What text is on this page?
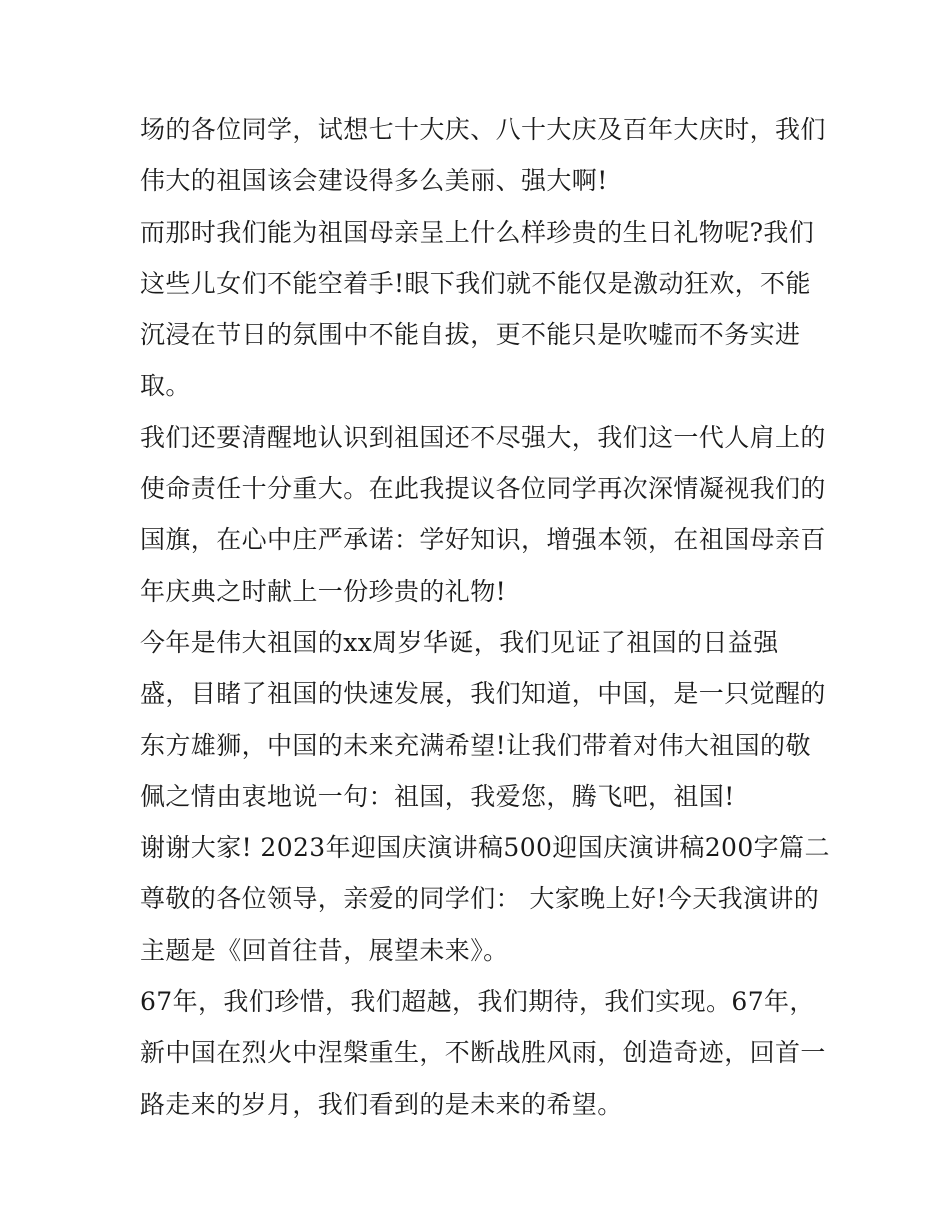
场的各位同学，试想七十大庆、八十大庆及百年大庆时，我们
伟大的祖国该会建设得多么美丽、强大啊!
而那时我们能为祖国母亲呈上什么样珍贵的生日礼物呢?我们
这些儿女们不能空着手!眼下我们就不能仅是激动狂欢，不能
沉浸在节日的氛围中不能自拔，更不能只是吹嘘而不务实进
取。
我们还要清醒地认识到祖国还不尽强大，我们这一代人肩上的
使命责任十分重大。在此我提议各位同学再次深情凝视我们的
国旗，在心中庄严承诺：学好知识，增强本领，在祖国母亲百
年庆典之时献上一份珍贵的礼物!
今年是伟大祖国的xx周岁华诞，我们见证了祖国的日益强
盛，目睹了祖国的快速发展，我们知道，中国，是一只觉醒的
东方雄狮，中国的未来充满希望!让我们带着对伟大祖国的敬
佩之情由衷地说一句：祖国，我爱您，腾飞吧，祖国!
谢谢大家! 2023年迎国庆演讲稿500迎国庆演讲稿200字篇二
尊敬的各位领导，亲爱的同学们： 大家晚上好!今天我演讲的
主题是《回首往昔，展望未来》。
67年，我们珍惜，我们超越，我们期待，我们实现。67年，
新中国在烈火中涅槃重生，不断战胜风雨，创造奇迹，回首一
路走来的岁月，我们看到的是未来的希望。
